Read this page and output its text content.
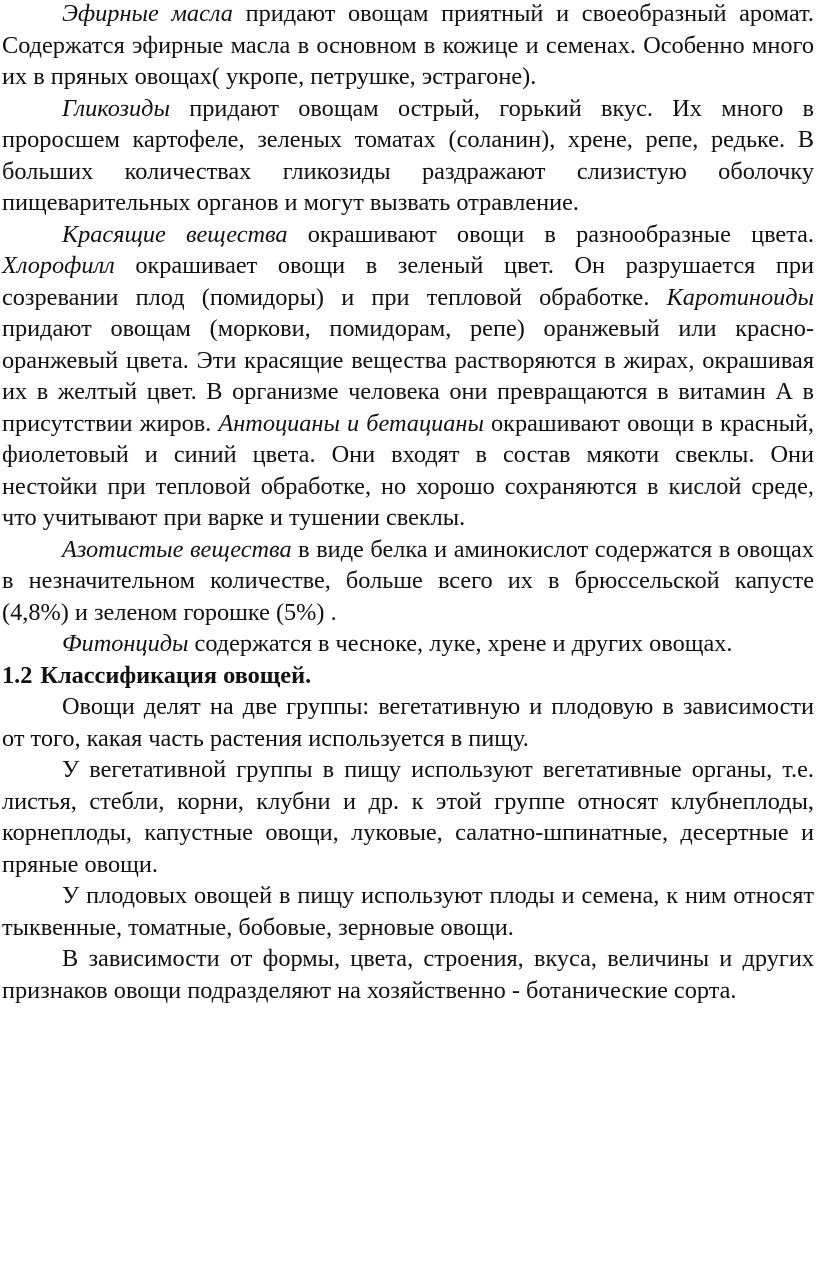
Эфирные масла придают овощам приятный и своеобразный аромат. Содержатся эфирные масла в основном в кожице и семенах. Особенно много их в пряных овощах( укропе, петрушке, эстрагоне).

Гликозиды придают овощам острый, горький вкус. Их много в проросшем картофеле, зеленых томатах (соланин), хрене, репе, редьке. В больших количествах гликозиды раздражают слизистую оболочку пищеварительных органов и могут вызвать отравление.

Красящие вещества окрашивают овощи в разнообразные цвета. Хлорофилл окрашивает овощи в зеленый цвет. Он разрушается при созревании плод (помидоры) и при тепловой обработке. Каротиноиды придают овощам (моркови, помидорам, репе) оранжевый или красно-оранжевый цвета. Эти красящие вещества растворяются в жирах, окрашивая их в желтый цвет. В организме человека они превращаются в витамин А в присутствии жиров. Антоцианы и бетацианы окрашивают овощи в красный, фиолетовый и синий цвета. Они входят в состав мякоти свеклы. Они нестойки при тепловой обработке, но хорошо сохраняются в кислой среде, что учитывают при варке и тушении свеклы.

Азотистые вещества в виде белка и аминокислот содержатся в овощах в незначительном количестве, больше всего их в брюссельской капусте (4,8%) и зеленом горошке (5%) .

Фитонциды содержатся в чесноке, луке, хрене и других овощах.

1.2 Классификация овощей.

Овощи делят на две группы: вегетативную и плодовую в зависимости от того, какая часть растения используется в пищу.

У вегетативной группы в пищу используют вегетативные органы, т.е. листья, стебли, корни, клубни и др. к этой группе относят клубнеплоды, корнеплоды, капустные овощи, луковые, салатно-шпинатные, десертные и пряные овощи.

У плодовых овощей в пищу используют плоды и семена, к ним относят тыквенные, томатные, бобовые, зерновые овощи.

В зависимости от формы, цвета, строения, вкуса, величины и других признаков овощи подразделяют на хозяйственно - ботанические сорта.
